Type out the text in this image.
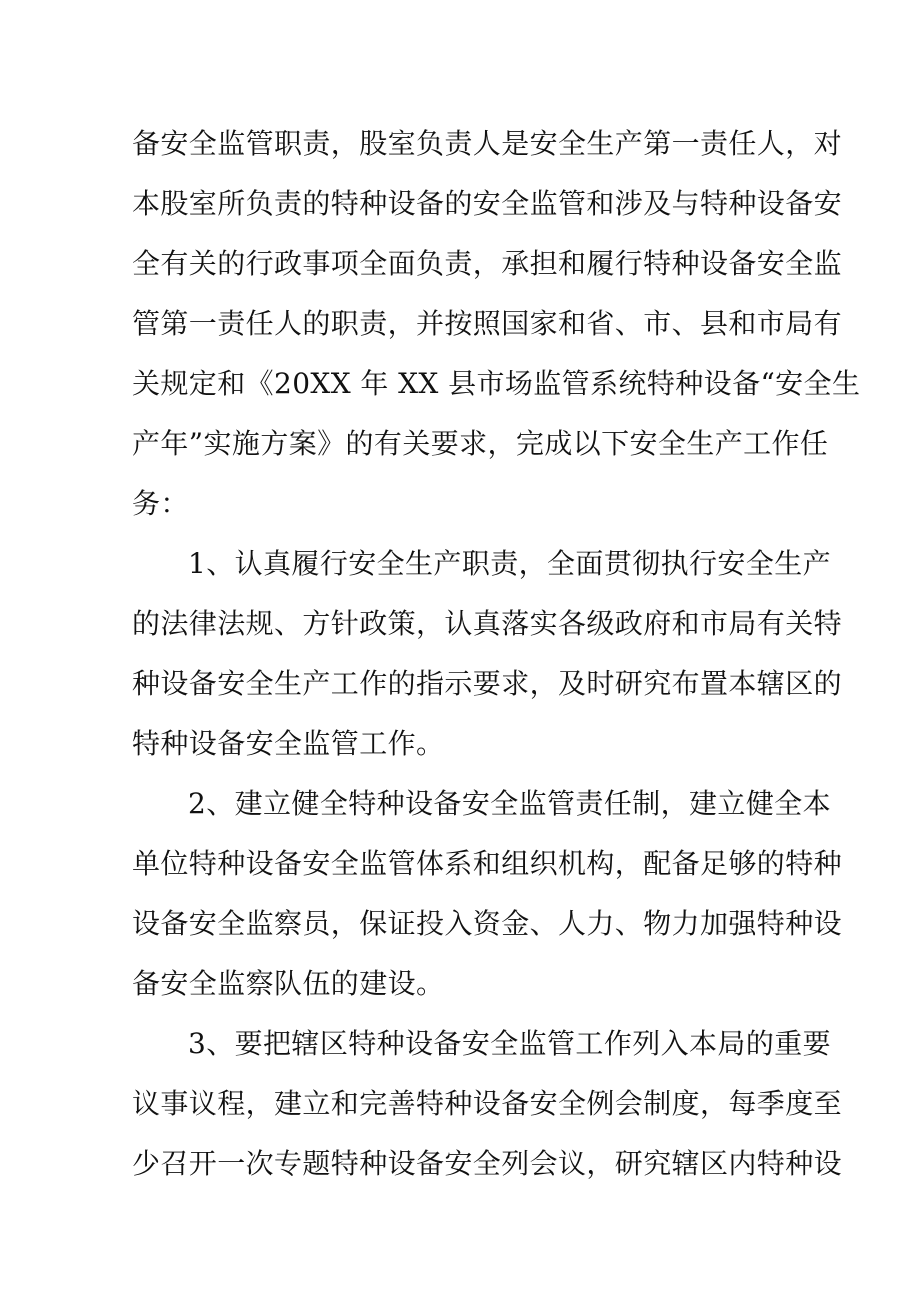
备安全监管职责，股室负责人是安全生产第一责任人，对
本股室所负责的特种设备的安全监管和涉及与特种设备安
全有关的行政事项全面负责，承担和履行特种设备安全监
管第一责任人的职责，并按照国家和省、市、县和市局有
关规定和《20XX 年 XX 县市场监管系统特种设备“安全生
产年”实施方案》的有关要求，完成以下安全生产工作任
务：
1、认真履行安全生产职责，全面贯彻执行安全生产
的法律法规、方针政策，认真落实各级政府和市局有关特
种设备安全生产工作的指示要求，及时研究布置本辖区的
特种设备安全监管工作。
2、建立健全特种设备安全监管责任制，建立健全本
单位特种设备安全监管体系和组织机构，配备足够的特种
设备安全监察员，保证投入资金、人力、物力加强特种设
备安全监察队伍的建设。
3、要把辖区特种设备安全监管工作列入本局的重要
议事议程，建立和完善特种设备安全例会制度，每季度至
少召开一次专题特种设备安全列会议，研究辖区内特种设
